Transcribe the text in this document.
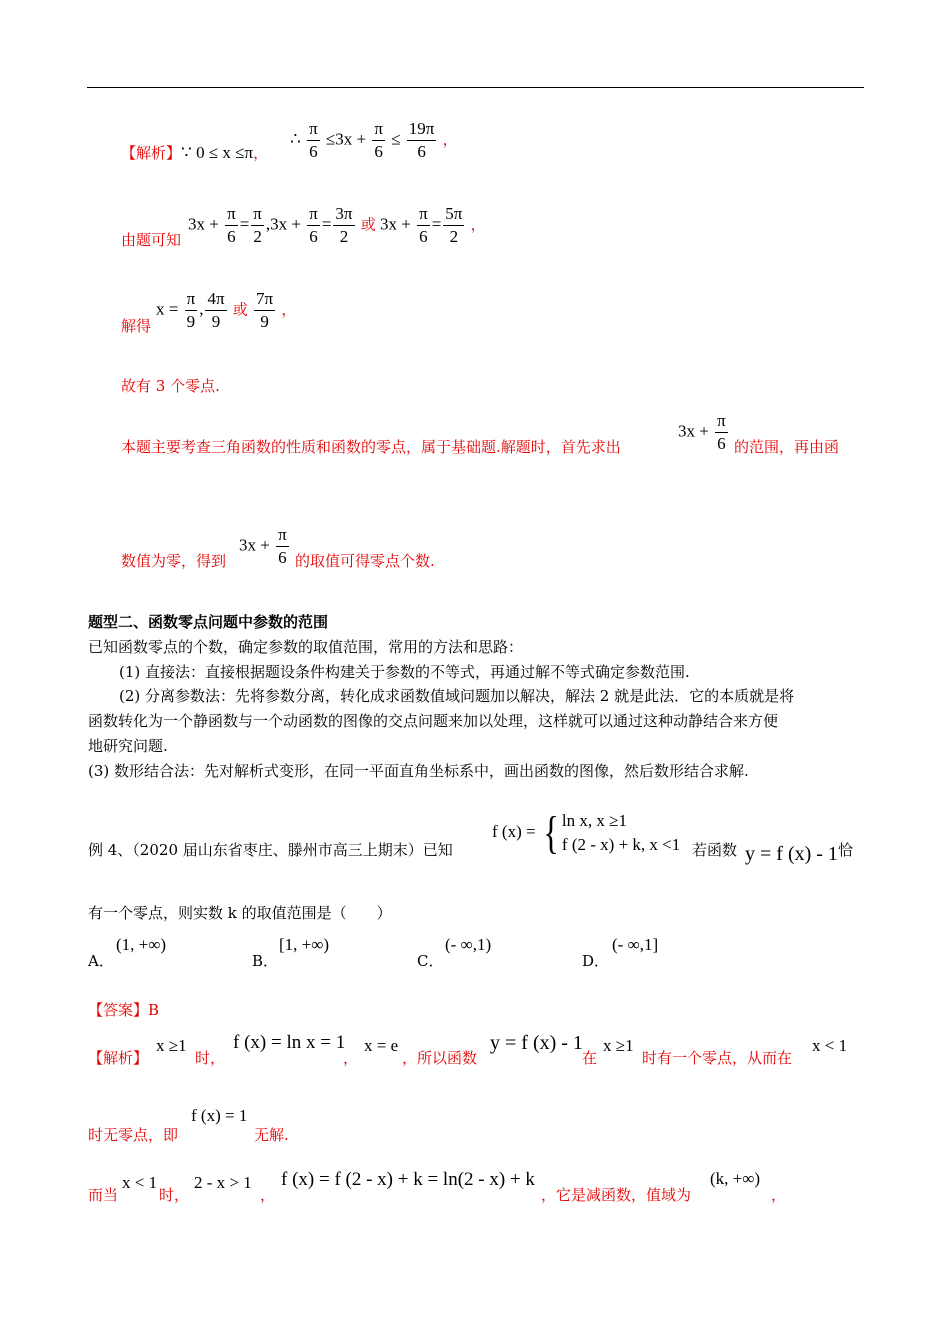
【解析】∵ 0 ≤ x ≤π，
∴ $\frac{\pi}{6} \le 3x + \frac{\pi}{6} \le \frac{19\pi}{6}$ ，
由题可知
$3x + \frac{\pi}{6} = \frac{\pi}{2} ,3x + \frac{\pi}{6} = \frac{3\pi}{2}$ 或 $3x + \frac{\pi}{6} = \frac{5\pi}{2}$ ，
解得
$x = \frac{\pi}{9}$ , $\frac{4\pi}{9}$ 或 $\frac{7\pi}{9}$ ，
故有 3 个零点.
本题主要考查三角函数的性质和函数的零点，属于基础题.解题时，首先求出
$3x + \frac{\pi}{6}$ 的范围，再由函
数值为零，得到
$3x + \frac{\pi}{6}$ 的取值可得零点个数.
题型二、函数零点问题中参数的范围
已知函数零点的个数，确定参数的取值范围，常用的方法和思路：
(1) 直接法：直接根据题设条件构建关于参数的不等式，再通过解不等式确定参数范围.
(2) 分离参数法：先将参数分离，转化成求函数值域问题加以解决，解法 2 就是此法．它的本质就是将
函数转化为一个静函数与一个动函数的图像的交点问题来加以处理，这样就可以通过这种动静结合来方便
地研究问题.
(3) 数形结合法：先对解析式变形，在同一平面直角坐标系中，画出函数的图像，然后数形结合求解.
例 4、（2020 届山东省枣庄、滕州市高三上期末）已知
f (x) = { ln x, x ≥1
f (2 - x) + k, x <1 若函数 y = f (x) - 1 恰
有一个零点，则实数 k 的取值范围是（　　）
A．
(1, +∞)
B．
[1, +∞)
C．
(- ∞,1)
D．
(- ∞,1]
【答案】B
【解析】
x ≥1
时，
f (x) = ln x = 1
，
x = e
，所以函数
y = f (x) - 1
在
x ≥1
时有一个零点，从而在
x < 1
时无零点，即
f (x) = 1
无解.
而当
x < 1
时，
2 - x > 1
，
f (x) = f (2 - x) + k = ln(2 - x) + k
，它是减函数，值域为
(k, +∞)
，
